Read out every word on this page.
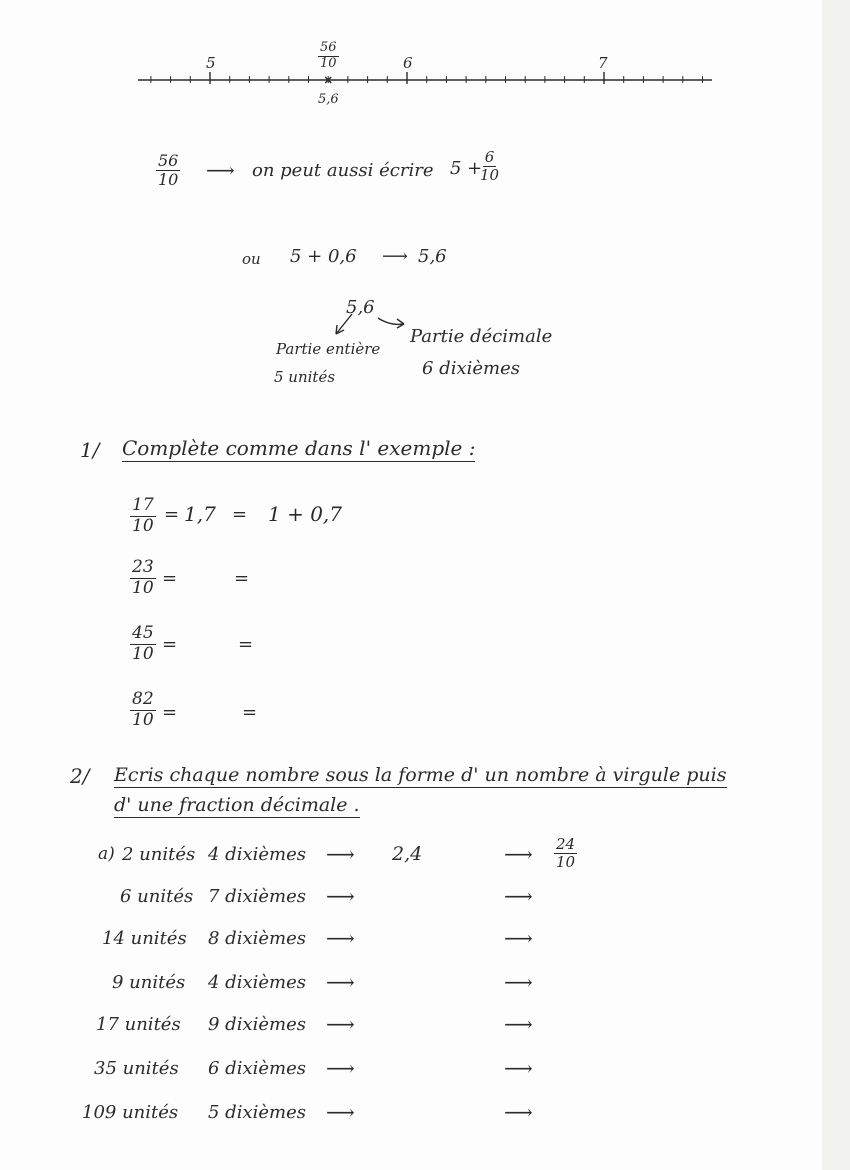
5	6	7
$\frac{56}{10}$
5,6
$\frac{56}{10}$ ⟶ on peut aussi écrire 5 +
$\frac{6}{10}$
ou 5 + 0,6 ⟶ 5,6
5,6
Partie entière
5 unités
Partie décimale
6 dixièmes
1/ Complète comme dans l' exemple :
$\frac{17}{10} = 1,7 = 1 + 0,7$
$\frac{23}{10}$ =	=
$\frac{45}{10}$ =	=
$\frac{82}{10}$ =	=
2/ Ecris chaque nombre sous la forme d' un nombre à virgule puis
d' une fraction décimale .
a) 2 unités 4 dixièmes ⟶ 2,4	⟶ $\frac{24}{10}$
6 unités 7 dixièmes ⟶	⟶
14 unités 8 dixièmes ⟶	⟶
9 unités 4 dixièmes ⟶	⟶
17 unités 9 dixièmes ⟶	⟶
35 unités 6 dixièmes ⟶	⟶
109 unités 5 dixièmes ⟶	⟶
